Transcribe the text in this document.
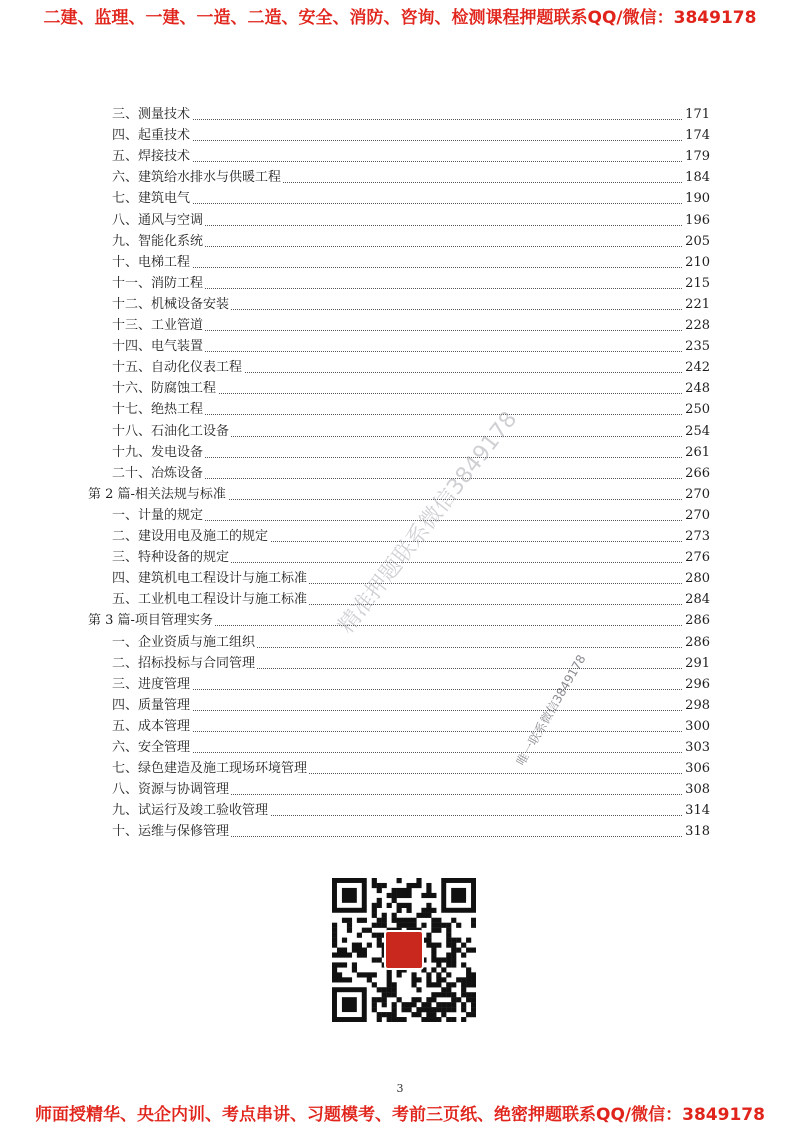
二建、监理、一建、一造、二造、安全、消防、咨询、检测课程押题联系QQ/微信：3849178
三、测量技术	171
四、起重技术	174
五、焊接技术	179
六、建筑给水排水与供暖工程	184
七、建筑电气	190
八、通风与空调	196
九、智能化系统	205
十、电梯工程	210
十一、消防工程	215
十二、机械设备安装	221
十三、工业管道	228
十四、电气装置	235
十五、自动化仪表工程	242
十六、防腐蚀工程	248
十七、绝热工程	250
十八、石油化工设备	254
十九、发电设备	261
二十、冶炼设备	266
第 2 篇-相关法规与标准	270
一、计量的规定	270
二、建设用电及施工的规定	273
三、特种设备的规定	276
四、建筑机电工程设计与施工标准	280
五、工业机电工程设计与施工标准	284
第 3 篇-项目管理实务	286
一、企业资质与施工组织	286
二、招标投标与合同管理	291
三、进度管理	296
四、质量管理	298
五、成本管理	300
六、安全管理	303
七、绿色建造及施工现场环境管理	306
八、资源与协调管理	308
九、试运行及竣工验收管理	314
十、运维与保修管理	318
精准押题联系微信3849178
唯一联系微信3849178
3
师面授精华、央企内训、考点串讲、习题模考、考前三页纸、绝密押题联系QQ/微信：3849178
